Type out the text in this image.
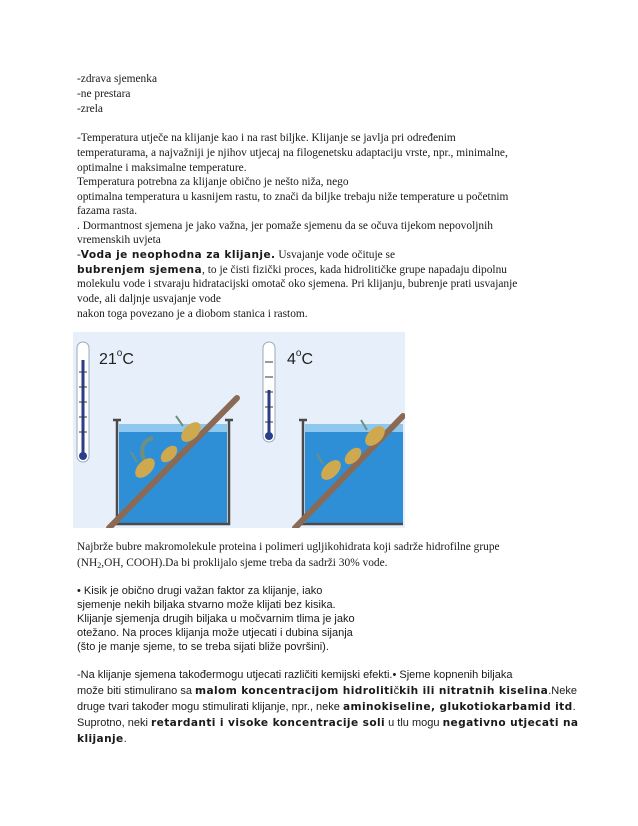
-zdrava sjemenka
-ne prestara
-zrela
-Temperatura utječe na klijanje kao i na rast biljke. Klijanje se javlja pri određenim
temperaturama, a najvažniji je njihov utjecaj na filogenetsku adaptaciju vrste, npr., minimalne,
optimalne i maksimalne temperature.
Temperatura potrebna za klijanje obično je nešto niža, nego
optimalna temperatura u kasnijem rastu, to znači da biljke trebaju niže temperature u početnim
fazama rasta.
. Dormantnost sjemena je jako važna, jer pomaže sjemenu da se očuva tijekom nepovoljnih
vremenskih uvjeta
-Voda je neophodna za klijanje. Usvajanje vode očituje se
bubrenjem sjemena, to je čisti fizički proces, kada hidrolitičke grupe napadaju dipolnu
molekulu vode i stvaraju hidratacijski omotač oko sjemena. Pri klijanju, bubrenje prati usvajanje
vode, ali daljnje usvajanje vode
nakon toga povezano je a diobom stanica i rastom.
21$^o$C	4$^o$C
Najbrže bubre makromolekule proteina i polimeri ugljikohidrata koji sadrže hidrofilne grupe
($NH_2,OH$, COOH).Da bi proklijalo sjeme treba da sadrži 30% vode.
• Kisik je obično drugi važan faktor za klijanje, iako
sjemenje nekih biljaka stvarno može klijati bez kisika.
Klijanje sjemenja drugih biljaka u močvarnim tlima je jako
otežano. Na proces klijanja može utjecati i dubina sijanja
(što je manje sjeme, to se treba sijati bliže površini).
-Na klijanje sjemena takođermogu utjecati različiti kemijski efekti.• Sjeme kopnenih biljaka
može biti stimulirano sa malom koncentracijom hidrolitičkih ili nitratnih kiselina.Neke
druge tvari također mogu stimulirati klijanje, npr., neke aminokiseline, glukotiokarbamid itd.
Suprotno, neki retardanti i visoke koncentracije soli u tlu mogu negativno utjecati na
klijanje.
